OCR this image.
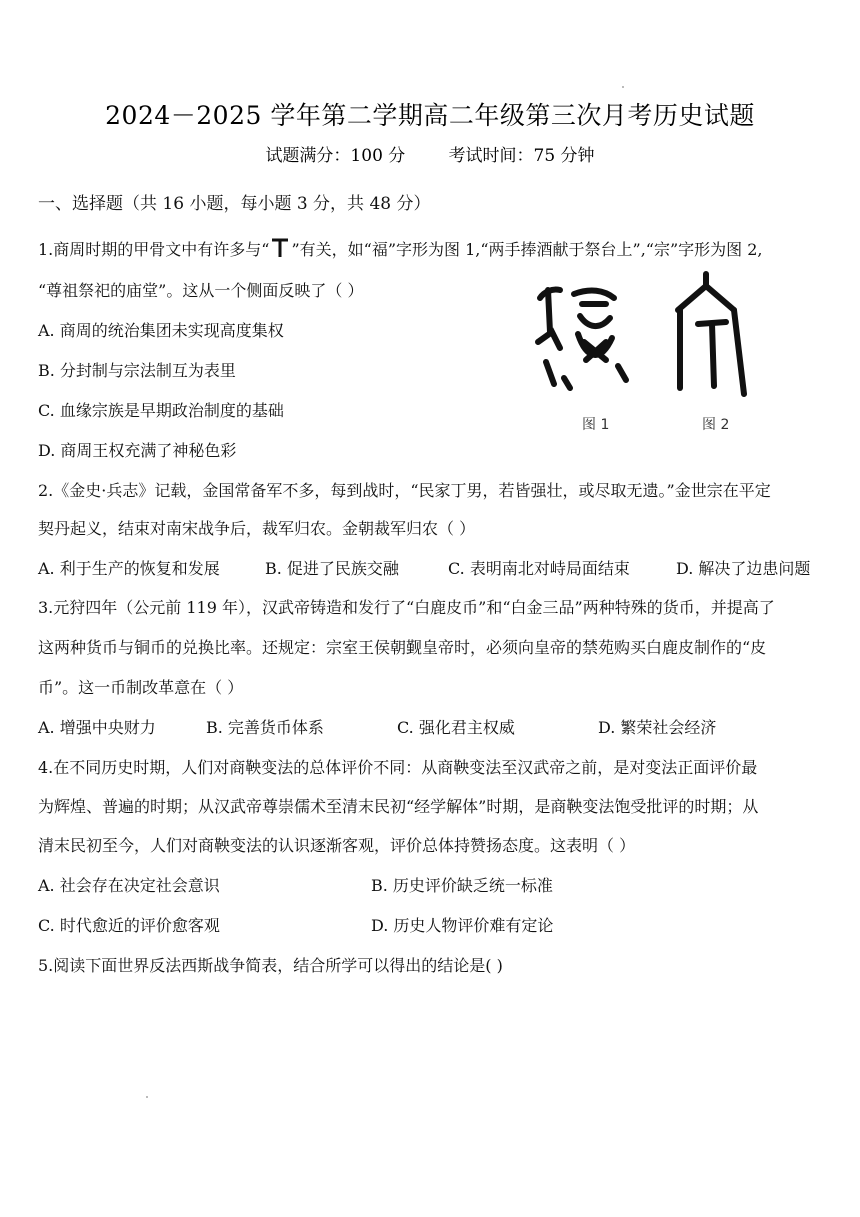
2024－2025 学年第二学期高二年级第三次月考历史试题
试题满分：100 分        考试时间：75 分钟
一、选择题（共 16 小题，每小题 3 分，共 48 分）
1.商周时期的甲骨文中有许多与“ ”有关，如“福”字形为图 1,“两手捧酒献于祭台上”,“宗”字形为图 2,
“尊祖祭祀的庙堂”。这从一个侧面反映了（ ）
A. 商周的统治集团未实现高度集权
B. 分封制与宗法制互为表里
C. 血缘宗族是早期政治制度的基础
D. 商周王权充满了神秘色彩
图 1	图 2
2.《金史·兵志》记载，金国常备军不多，每到战时，“民家丁男，若皆强壮，或尽取无遗。”金世宗在平定
契丹起义，结束对南宋战争后，裁军归农。金朝裁军归农（ ）
A. 利于生产的恢复和发展	B. 促进了民族交融	C. 表明南北对峙局面结束	D. 解决了边患问题
3.元狩四年（公元前 119 年），汉武帝铸造和发行了“白鹿皮币”和“白金三品”两种特殊的货币，并提高了
这两种货币与铜币的兑换比率。还规定：宗室王侯朝觐皇帝时，必须向皇帝的禁苑购买白鹿皮制作的“皮
币”。这一币制改革意在（ ）
A. 增强中央财力	B. 完善货币体系	C. 强化君主权威	D. 繁荣社会经济
4.在不同历史时期，人们对商鞅变法的总体评价不同：从商鞅变法至汉武帝之前，是对变法正面评价最
为辉煌、普遍的时期；从汉武帝尊崇儒术至清末民初“经学解体”时期，是商鞅变法饱受批评的时期；从
清末民初至今，人们对商鞅变法的认识逐渐客观，评价总体持赞扬态度。这表明（ ）
A. 社会存在决定社会意识	B. 历史评价缺乏统一标准
C. 时代愈近的评价愈客观	D. 历史人物评价难有定论
5.阅读下面世界反法西斯战争简表，结合所学可以得出的结论是( )
